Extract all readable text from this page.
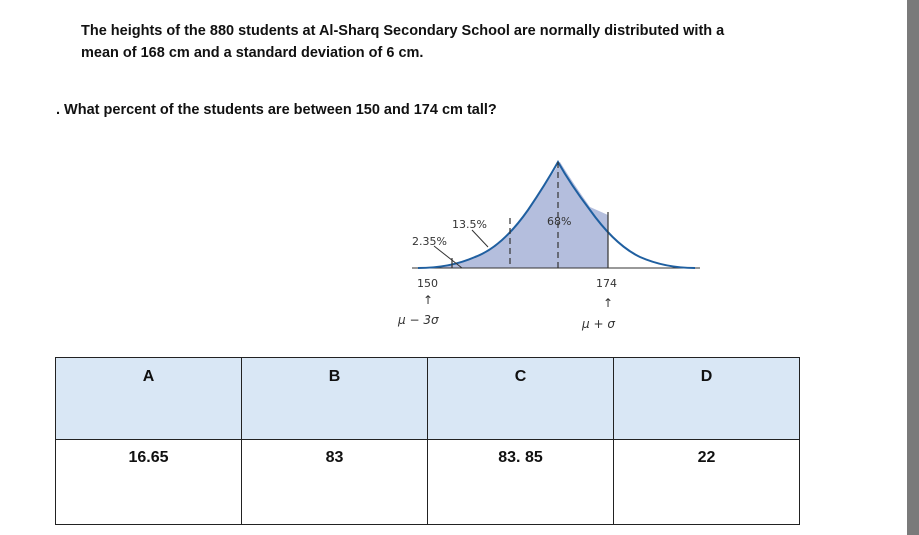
The heights of the 880 students at Al-Sharq Secondary School are normally distributed with a mean of 168 cm and a standard deviation of 6 cm.
. What percent of the students are between 150 and 174 cm tall?
2.35%
13.5%	68%
150
↑
174
↑
μ − 3σ	μ + σ
A	B	C	D
16.65	83	83. 85	22
